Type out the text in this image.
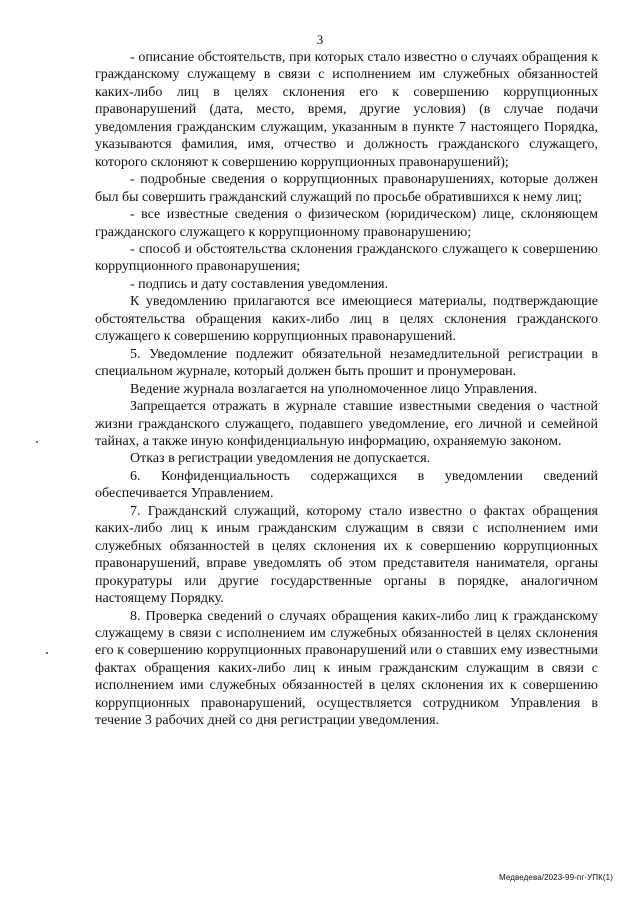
3

- описание обстоятельств, при которых стало известно о случаях обращения к гражданскому служащему в связи с исполнением им служебных обязанностей каких-либо лиц в целях склонения его к совершению коррупционных правонарушений (дата, место, время, другие условия) (в случае подачи уведомления гражданским служащим, указанным в пункте 7 настоящего Порядка, указываются фамилия, имя, отчество и должность гражданского служащего, которого склоняют к совершению коррупционных правонарушений);

- подробные сведения о коррупционных правонарушениях, которые должен был бы совершить гражданский служащий по просьбе обратившихся к нему лиц;

- все известные сведения о физическом (юридическом) лице, склоняющем гражданского служащего к коррупционному правонарушению;

- способ и обстоятельства склонения гражданского служащего к совершению коррупционного правонарушения;

- подпись и дату составления уведомления.

К уведомлению прилагаются все имеющиеся материалы, подтверждающие обстоятельства обращения каких-либо лиц в целях склонения гражданского служащего к совершению коррупционных правонарушений.

5. Уведомление подлежит обязательной незамедлительной регистрации в специальном журнале, который должен быть прошит и пронумерован.

Ведение журнала возлагается на уполномоченное лицо Управления.

Запрещается отражать в журнале ставшие известными сведения о частной жизни гражданского служащего, подавшего уведомление, его личной и семейной тайнах, а также иную конфиденциальную информацию, охраняемую законом.

Отказ в регистрации уведомления не допускается.

6. Конфиденциальность содержащихся в уведомлении сведений обеспечивается Управлением.

7. Гражданский служащий, которому стало известно о фактах обращения каких-либо лиц к иным гражданским служащим в связи с исполнением ими служебных обязанностей в целях склонения их к совершению коррупционных правонарушений, вправе уведомлять об этом представителя нанимателя, органы прокуратуры или другие государственные органы в порядке, аналогичном настоящему Порядку.

8. Проверка сведений о случаях обращения каких-либо лиц к гражданскому служащему в связи с исполнением им служебных обязанностей в целях склонения его к совершению коррупционных правонарушений или о ставших ему известными фактах обращения каких-либо лиц к иным гражданским служащим в связи с исполнением ими служебных обязанностей в целях склонения их к совершению коррупционных правонарушений, осуществляется сотрудником Управления в течение 3 рабочих дней со дня регистрации уведомления.

Медведева/2023-99-пг-УПК(1)
